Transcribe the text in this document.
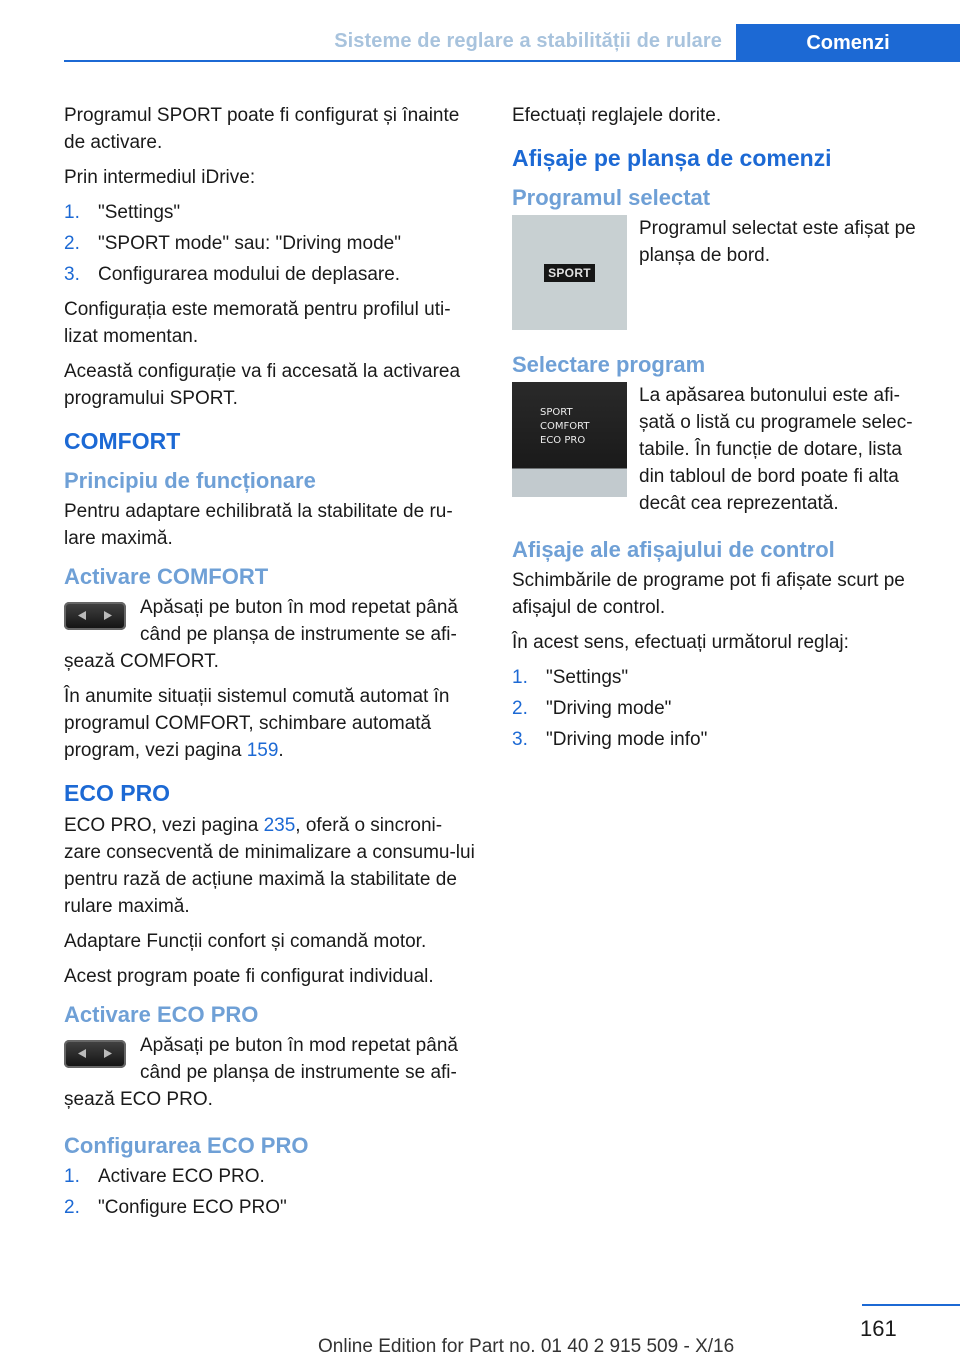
Sisteme de reglare a stabilității de rulare	Comenzi

Programul SPORT poate fi configurat și înainte de activare.

Prin intermediul iDrive:

1. "Settings"
2. "SPORT mode" sau: "Driving mode"
3. Configurarea modului de deplasare.

Configurația este memorată pentru profilul uti‐lizat momentan.

Această configurație va fi accesată la activarea programului SPORT.

COMFORT
Principiu de funcționare

Pentru adaptare echilibrată la stabilitate de ru‐lare maximă.

Activare COMFORT

Apăsați pe buton în mod repetat până când pe planșa de instrumente se afi‐șează COMFORT.

În anumite situații sistemul comută automat în programul COMFORT, schimbare automată program, vezi pagina 159.

ECO PRO

ECO PRO, vezi pagina 235, oferă o sincroni‐zare consecventă de minimalizare a consumu‐lui pentru rază de acțiune maximă la stabilitate de rulare maximă.

Adaptare Funcții confort și comandă motor.

Acest program poate fi configurat individual.

Activare ECO PRO

Apăsați pe buton în mod repetat până când pe planșa de instrumente se afi‐șează ECO PRO.

Configurarea ECO PRO
1. Activare ECO PRO.
2. "Configure ECO PRO"

Efectuați reglajele dorite.

Afișaje pe planșa de comenzi
Programul selectat
SPORT

Programul selectat este afișat pe planșa de bord.

Selectare program
SPORT
COMFORT
ECO PRO

La apăsarea butonului este afi‐șată o listă cu programele selec‐tabile. În funcție de dotare, lista din tabloul de bord poate fi alta decât cea reprezentată.

Afișaje ale afișajului de control

Schimbările de programe pot fi afișate scurt pe afișajul de control.

În acest sens, efectuați următorul reglaj:

1. "Settings"
2. "Driving mode"
3. "Driving mode info"
161
Online Edition for Part no. 01 40 2 915 509 - X/16
